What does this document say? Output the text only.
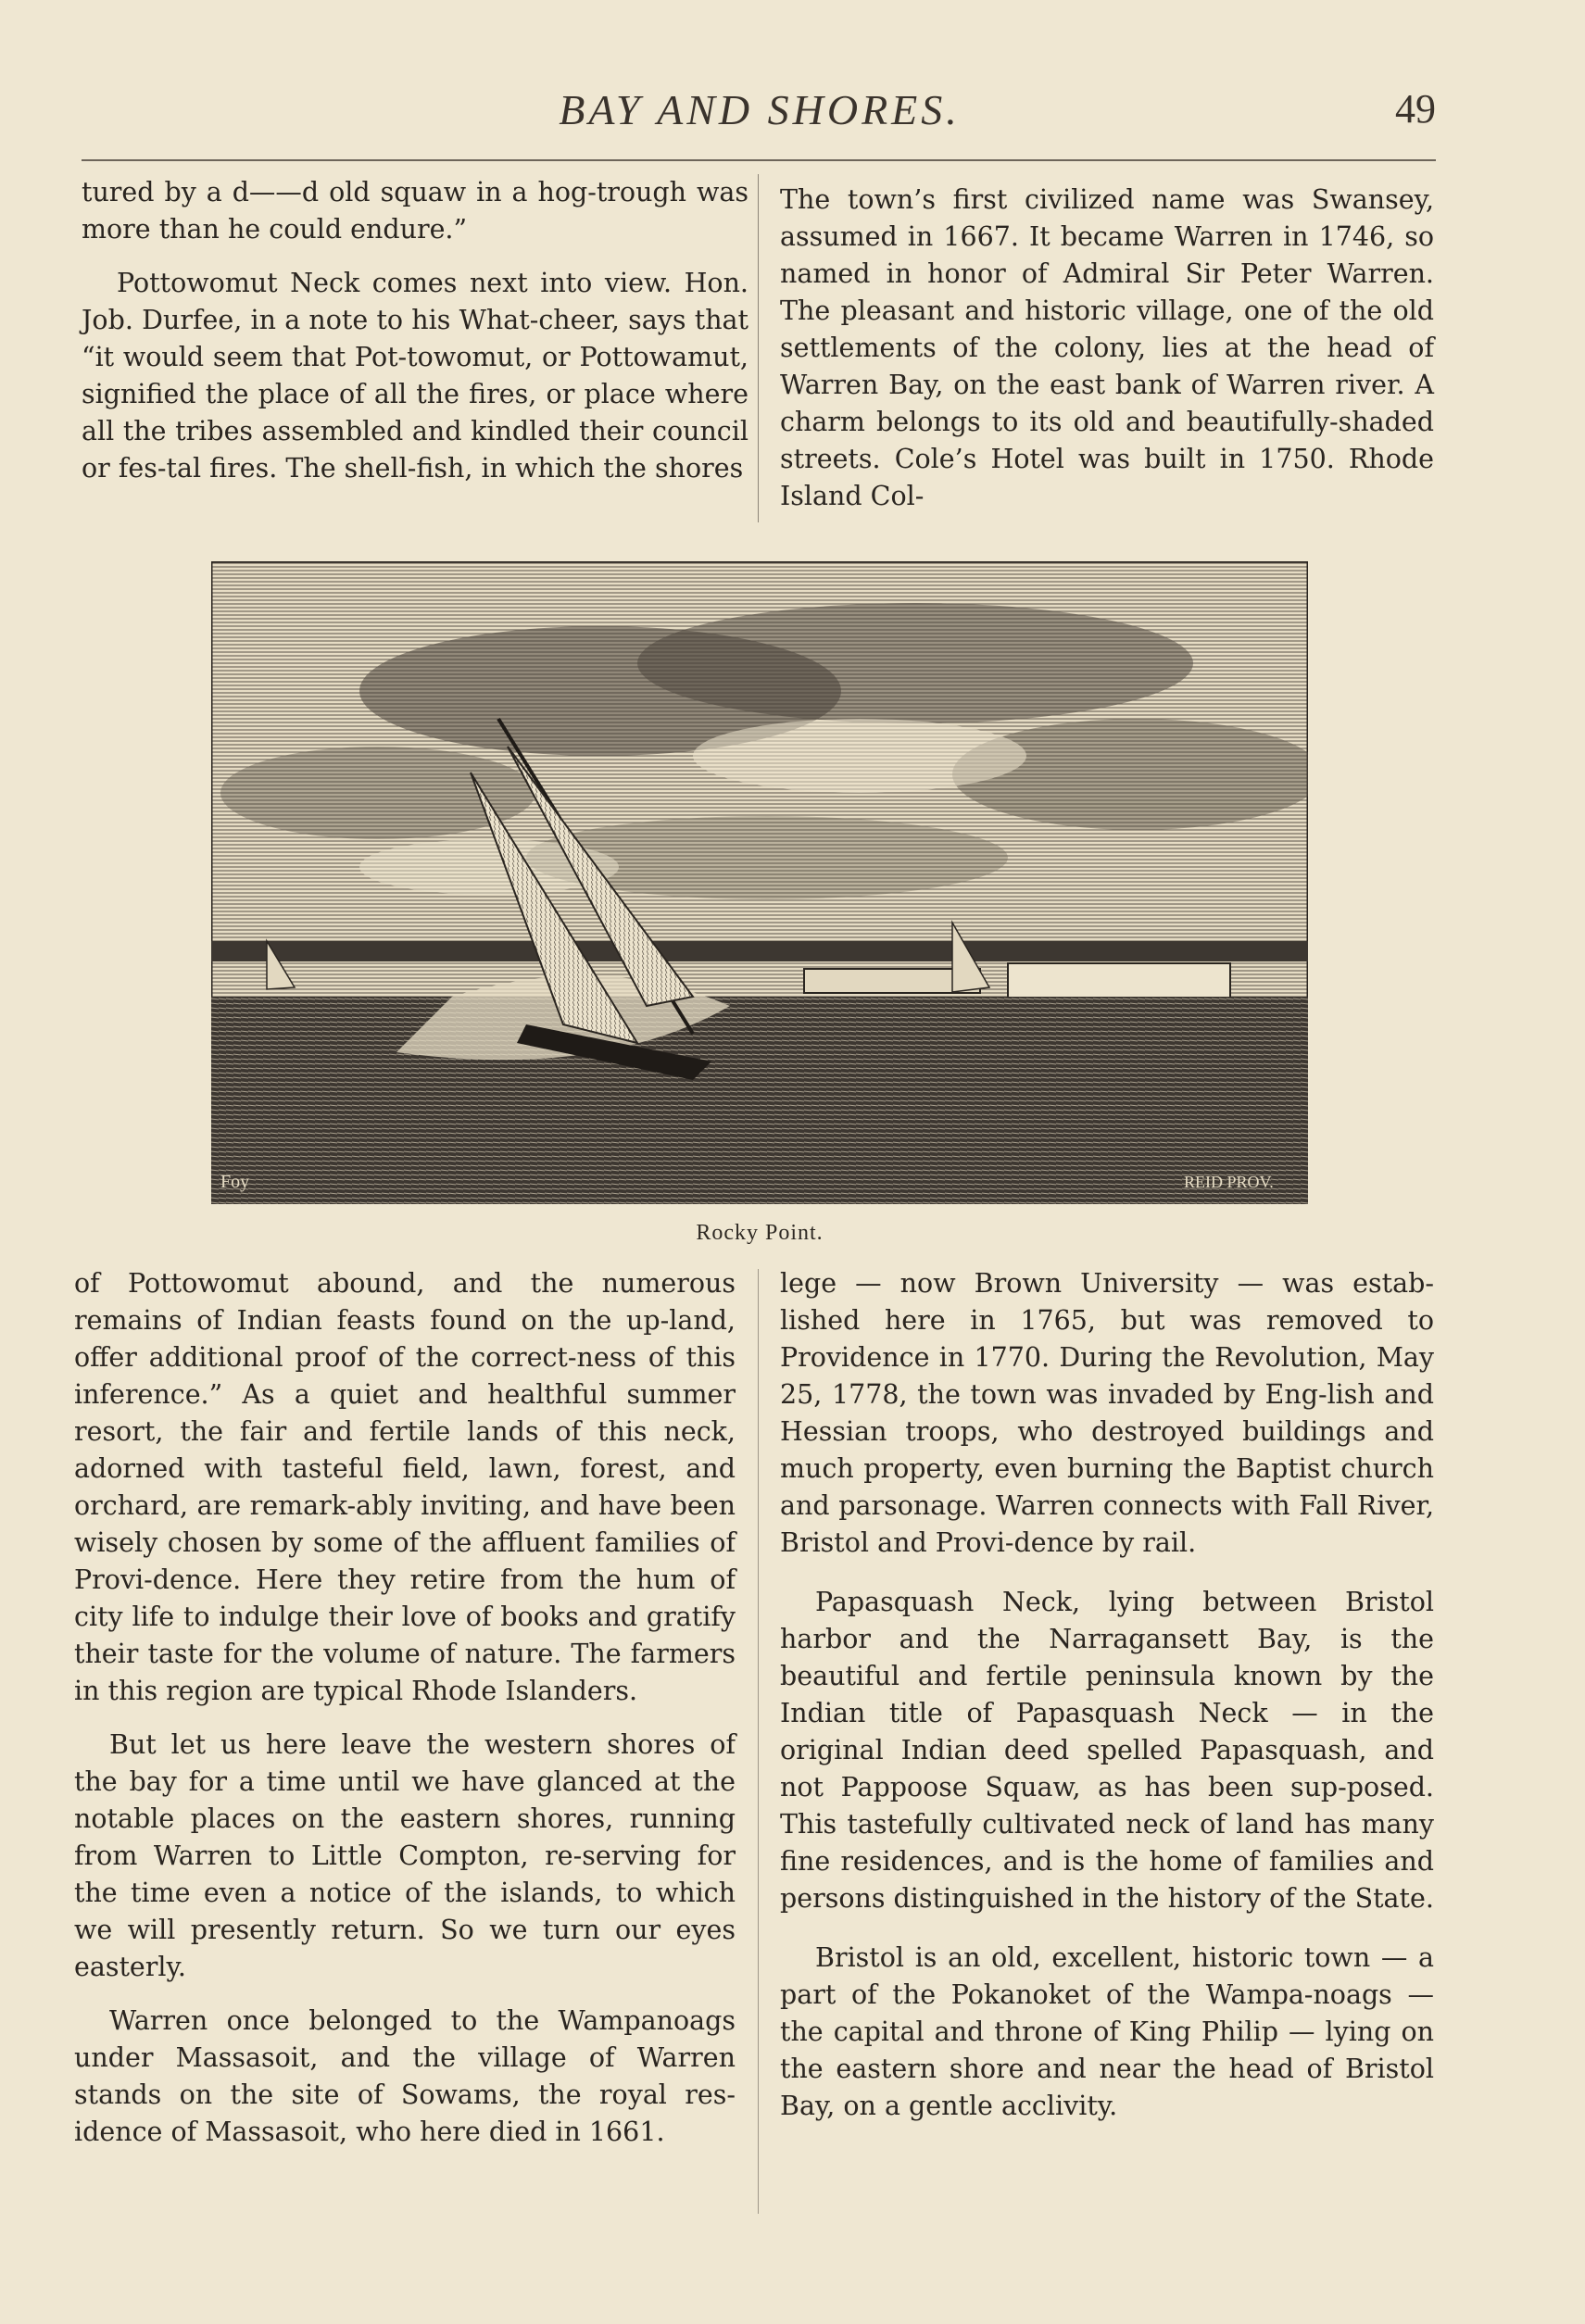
BAY AND SHORES.	49

tured by a d——d old squaw in a hog-trough was more than he could endure.”

Pottowomut Neck comes next into view. Hon. Job. Durfee, in a note to his What-cheer, says that “it would seem that Pot-towomut, or Pottowamut, signified the place of all the fires, or place where all the tribes assembled and kindled their council or fes-tal fires. The shell-fish, in which the shores

The town’s first civilized name was Swansey, assumed in 1667. It became Warren in 1746, so named in honor of Admiral Sir Peter Warren. The pleasant and historic village, one of the old settlements of the colony, lies at the head of Warren Bay, on the east bank of Warren river. A charm belongs to its old and beautifully-shaded streets. Cole’s Hotel was built in 1750. Rhode Island Col-

Foy	REID PROV.
Rocky Point.

of Pottowomut abound, and the numerous remains of Indian feasts found on the up-land, offer additional proof of the correct-ness of this inference.” As a quiet and healthful summer resort, the fair and fertile lands of this neck, adorned with tasteful field, lawn, forest, and orchard, are remark-ably inviting, and have been wisely chosen by some of the affluent families of Provi-dence. Here they retire from the hum of city life to indulge their love of books and gratify their taste for the volume of nature. The farmers in this region are typical Rhode Islanders.

But let us here leave the western shores of the bay for a time until we have glanced at the notable places on the eastern shores, running from Warren to Little Compton, re-serving for the time even a notice of the islands, to which we will presently return. So we turn our eyes easterly.

Warren once belonged to the Wampanoags under Massasoit, and the village of Warren stands on the site of Sowams, the royal res-idence of Massasoit, who here died in 1661.

lege — now Brown University — was estab-lished here in 1765, but was removed to Providence in 1770. During the Revolution, May 25, 1778, the town was invaded by Eng-lish and Hessian troops, who destroyed buildings and much property, even burning the Baptist church and parsonage. Warren connects with Fall River, Bristol and Provi-dence by rail.

Papasquash Neck, lying between Bristol harbor and the Narragansett Bay, is the beautiful and fertile peninsula known by the Indian title of Papasquash Neck — in the original Indian deed spelled Papasquash, and not Pappoose Squaw, as has been sup-posed. This tastefully cultivated neck of land has many fine residences, and is the home of families and persons distinguished in the history of the State.

Bristol is an old, excellent, historic town — a part of the Pokanoket of the Wampa-noags — the capital and throne of King Philip — lying on the eastern shore and near the head of Bristol Bay, on a gentle acclivity.
